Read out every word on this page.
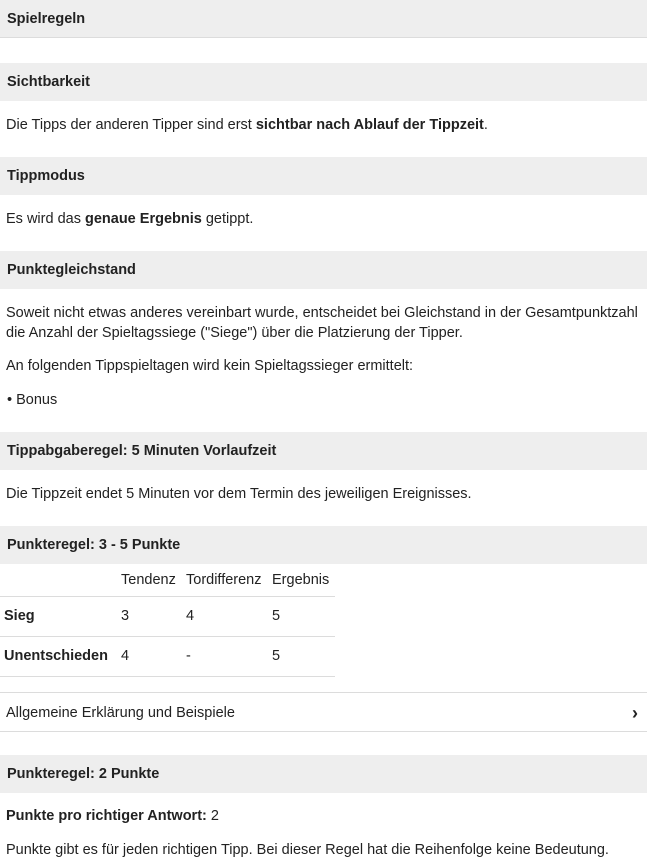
Spielregeln
Sichtbarkeit
Die Tipps der anderen Tipper sind erst sichtbar nach Ablauf der Tippzeit.
Tippmodus
Es wird das genaue Ergebnis getippt.
Punktegleichstand
Soweit nicht etwas anderes vereinbart wurde, entscheidet bei Gleichstand in der Gesamtpunktzahl die Anzahl der Spieltagssiege ("Siege") über die Platzierung der Tipper.
An folgenden Tippspieltagen wird kein Spieltagssieger ermittelt:
• Bonus
Tippabgaberegel: 5 Minuten Vorlaufzeit
Die Tippzeit endet 5 Minuten vor dem Termin des jeweiligen Ereignisses.
Punkteregel: 3 - 5 Punkte
	Tendenz	Tordifferenz	Ergebnis
Sieg	3	4	5
Unentschieden	4	-	5
Allgemeine Erklärung und Beispiele	›
Punkteregel: 2 Punkte
Punkte pro richtiger Antwort: 2
Punkte gibt es für jeden richtigen Tipp. Bei dieser Regel hat die Reihenfolge keine Bedeutung.
